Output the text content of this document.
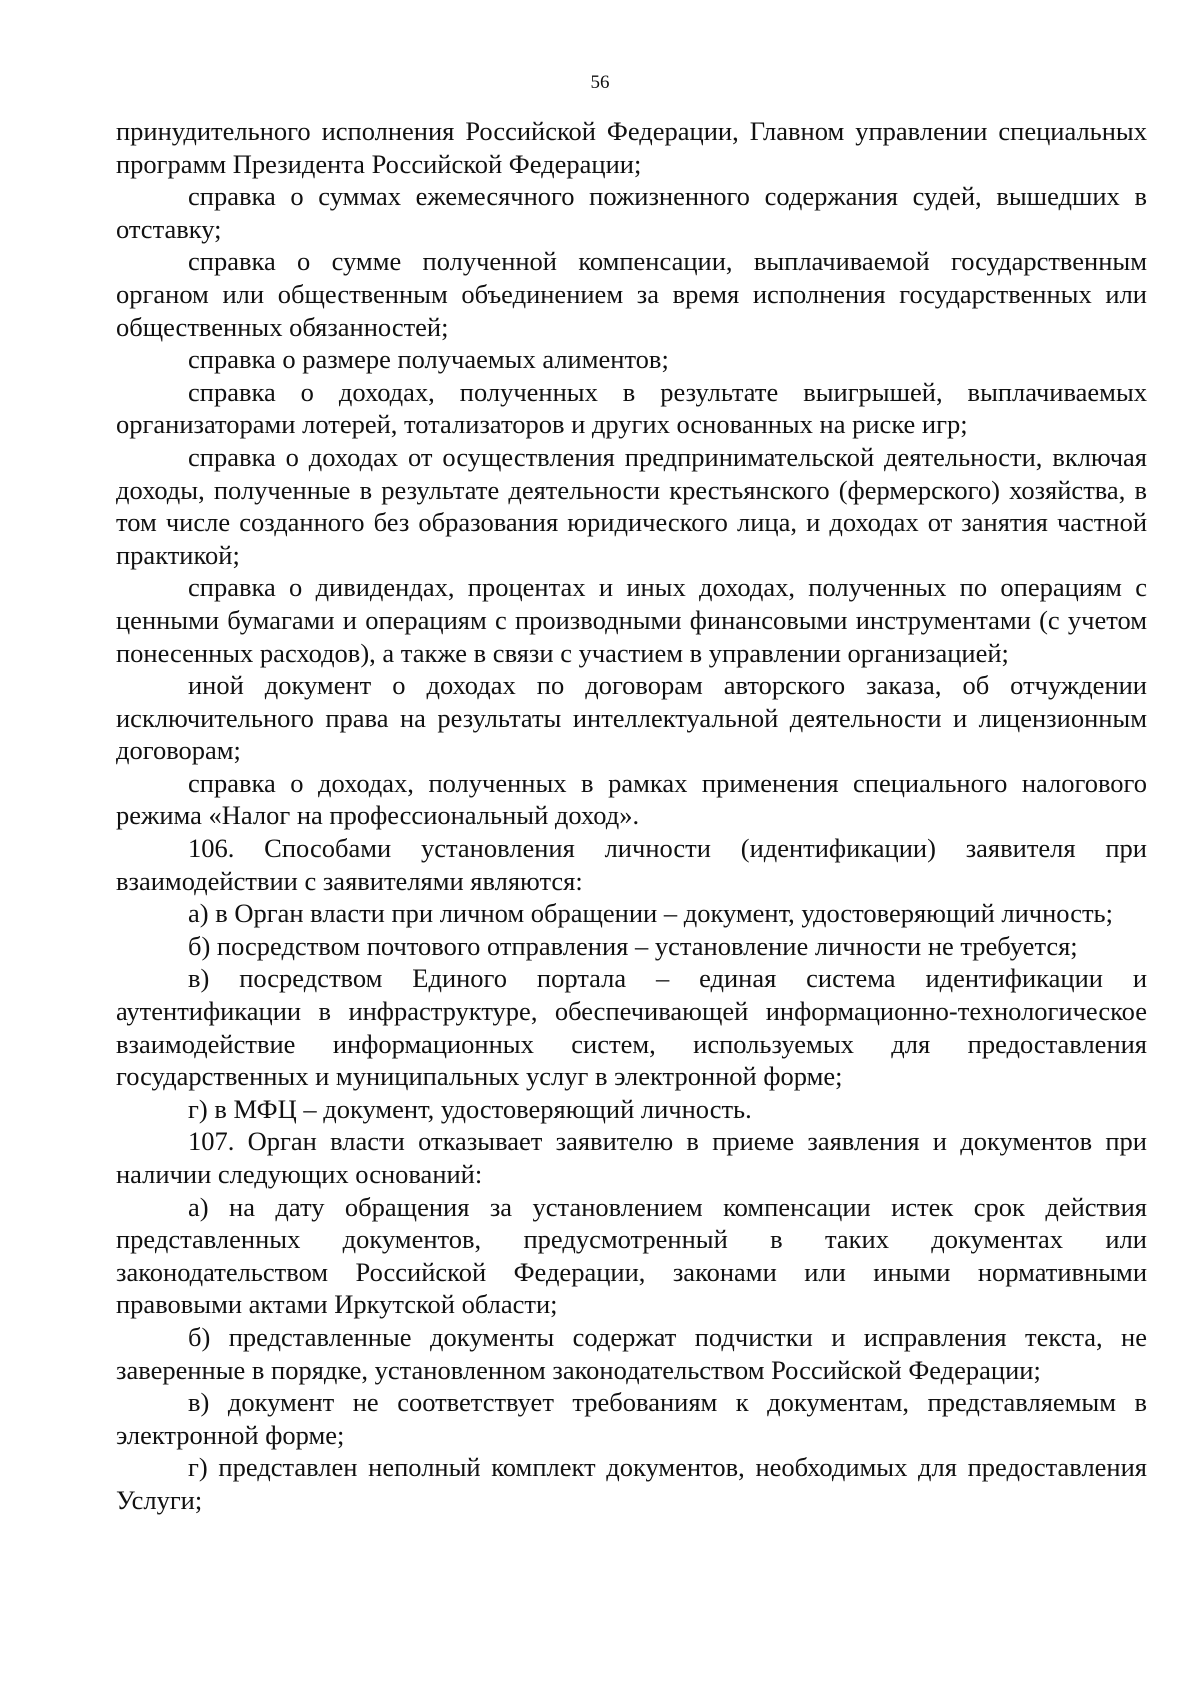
56

принудительного исполнения Российской Федерации, Главном управлении специальных программ Президента Российской Федерации;

справка о суммах ежемесячного пожизненного содержания судей, вышедших в отставку;

справка о сумме полученной компенсации, выплачиваемой государственным органом или общественным объединением за время исполнения государственных или общественных обязанностей;

справка о размере получаемых алиментов;

справка о доходах, полученных в результате выигрышей, выплачиваемых организаторами лотерей, тотализаторов и других основанных на риске игр;

справка о доходах от осуществления предпринимательской деятельности, включая доходы, полученные в результате деятельности крестьянского (фермерского) хозяйства, в том числе созданного без образования юридического лица, и доходах от занятия частной практикой;

справка о дивидендах, процентах и иных доходах, полученных по операциям с ценными бумагами и операциям с производными финансовыми инструментами (с учетом понесенных расходов), а также в связи с участием в управлении организацией;

иной документ о доходах по договорам авторского заказа, об отчуждении исключительного права на результаты интеллектуальной деятельности и лицензионным договорам;

справка о доходах, полученных в рамках применения специального налогового режима «Налог на профессиональный доход».

106. Способами установления личности (идентификации) заявителя при взаимодействии с заявителями являются:

а) в Орган власти при личном обращении – документ, удостоверяющий личность;

б) посредством почтового отправления – установление личности не требуется;

в) посредством Единого портала – единая система идентификации и аутентификации в инфраструктуре, обеспечивающей информационно-технологическое взаимодействие информационных систем, используемых для предоставления государственных и муниципальных услуг в электронной форме;

г) в МФЦ – документ, удостоверяющий личность.

107. Орган власти отказывает заявителю в приеме заявления и документов при наличии следующих оснований:

а) на дату обращения за установлением компенсации истек срок действия представленных документов, предусмотренный в таких документах или законодательством Российской Федерации, законами или иными нормативными правовыми актами Иркутской области;

б) представленные документы содержат подчистки и исправления текста, не заверенные в порядке, установленном законодательством Российской Федерации;

в) документ не соответствует требованиям к документам, представляемым в электронной форме;

г) представлен неполный комплект документов, необходимых для предоставления Услуги;
